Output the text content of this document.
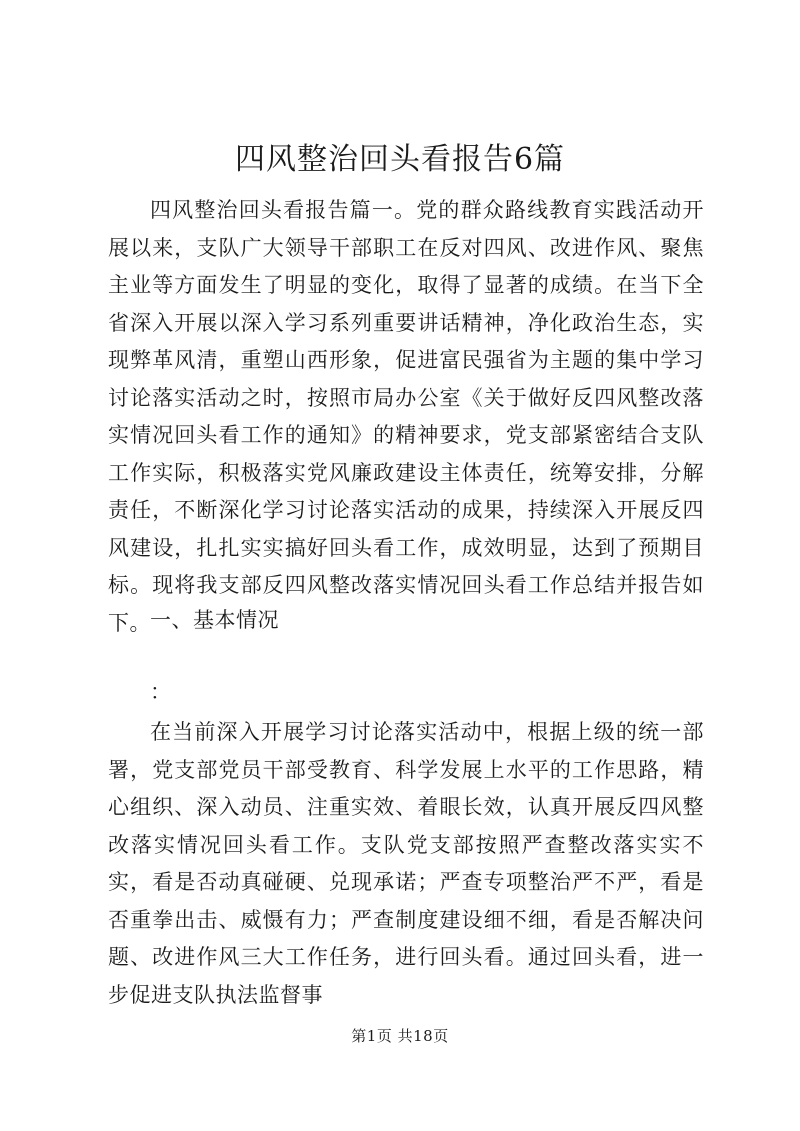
四风整治回头看报告6篇

四风整治回头看报告篇一。党的群众路线教育实践活动开展以来，支队广大领导干部职工在反对四风、改进作风、聚焦主业等方面发生了明显的变化，取得了显著的成绩。在当下全省深入开展以深入学习系列重要讲话精神，净化政治生态，实现弊革风清，重塑山西形象，促进富民强省为主题的集中学习讨论落实活动之时，按照市局办公室《关于做好反四风整改落实情况回头看工作的通知》的精神要求，党支部紧密结合支队工作实际，积极落实党风廉政建设主体责任，统筹安排，分解责任，不断深化学习讨论落实活动的成果，持续深入开展反四风建设，扎扎实实搞好回头看工作，成效明显，达到了预期目标。现将我支部反四风整改落实情况回头看工作总结并报告如下。 一、基本情况

：

在当前深入开展学习讨论落实活动中，根据上级的统一部署，党支部党员干部受教育、科学发展上水平的工作思路，精心组织、深入动员、注重实效、着眼长效，认真开展反四风整改落实情况回头看工作。支队党支部按照严查整改落实实不实，看是否动真碰硬、兑现承诺；严查专项整治严不严，看是否重拳出击、威慑有力；严查制度建设细不细，看是否解决问题、改进作风三大工作任务，进行回头看。通过回头看，进一步促进支队执法监督事

第1页 共18页
